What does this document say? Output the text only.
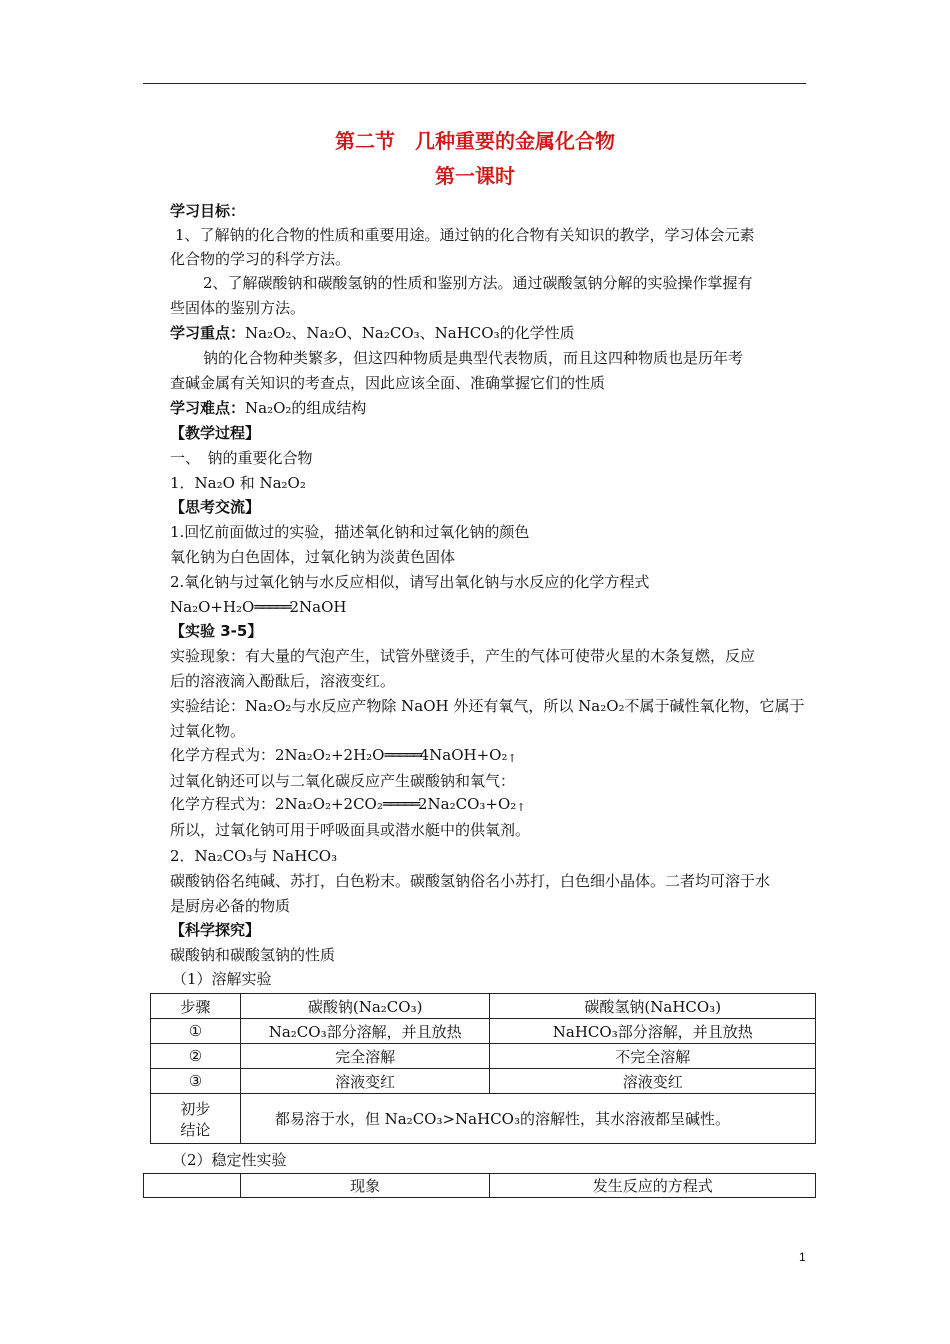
第二节　几种重要的金属化合物
第一课时
学习目标：
1、了解钠的化合物的性质和重要用途。通过钠的化合物有关知识的教学，学习体会元素
化合物的学习的科学方法。
2、了解碳酸钠和碳酸氢钠的性质和鉴别方法。通过碳酸氢钠分解的实验操作掌握有
些固体的鉴别方法。
学习重点：Na₂O₂、Na₂O、Na₂CO₃、NaHCO₃的化学性质
钠的化合物种类繁多，但这四种物质是典型代表物质，而且这四种物质也是历年考
查碱金属有关知识的考查点，因此应该全面、准确掌握它们的性质
学习难点：Na₂O₂的组成结构
【教学过程】
一、　钠的重要化合物
1．Na₂O 和 Na₂O₂
【思考交流】
1.回忆前面做过的实验，描述氧化钠和过氧化钠的颜色
氧化钠为白色固体，过氧化钠为淡黄色固体
2.氧化钠与过氧化钠与水反应相似，请写出氧化钠与水反应的化学方程式
Na₂O+H₂O═════2NaOH
【实验 3-5】
实验现象：有大量的气泡产生，试管外壁烫手，产生的气体可使带火星的木条复燃，反应
后的溶液滴入酚酞后，溶液变红。
实验结论：Na₂O₂与水反应产物除 NaOH 外还有氧气，所以 Na₂O₂不属于碱性氧化物，它属于
过氧化物。
化学方程式为：2Na₂O₂+2H₂O═════4NaOH+O₂↑
过氧化钠还可以与二氧化碳反应产生碳酸钠和氧气：
化学方程式为：2Na₂O₂+2CO₂═════2Na₂CO₃+O₂↑
所以，过氧化钠可用于呼吸面具或潜水艇中的供氧剂。
2．Na₂CO₃与 NaHCO₃
碳酸钠俗名纯碱、苏打，白色粉末。碳酸氢钠俗名小苏打，白色细小晶体。二者均可溶于水
是厨房必备的物质
【科学探究】
碳酸钠和碳酸氢钠的性质
（1）溶解实验
步骤	碳酸钠(Na₂CO₃)	碳酸氢钠(NaHCO₃)
①	Na₂CO₃部分溶解，并且放热	NaHCO₃部分溶解，并且放热
②	完全溶解	不完全溶解
③	溶液变红	溶液变红
初步
结论	都易溶于水，但 Na₂CO₃>NaHCO₃的溶解性，其水溶液都呈碱性。	
（2）稳定性实验
	现象	发生反应的方程式
1
